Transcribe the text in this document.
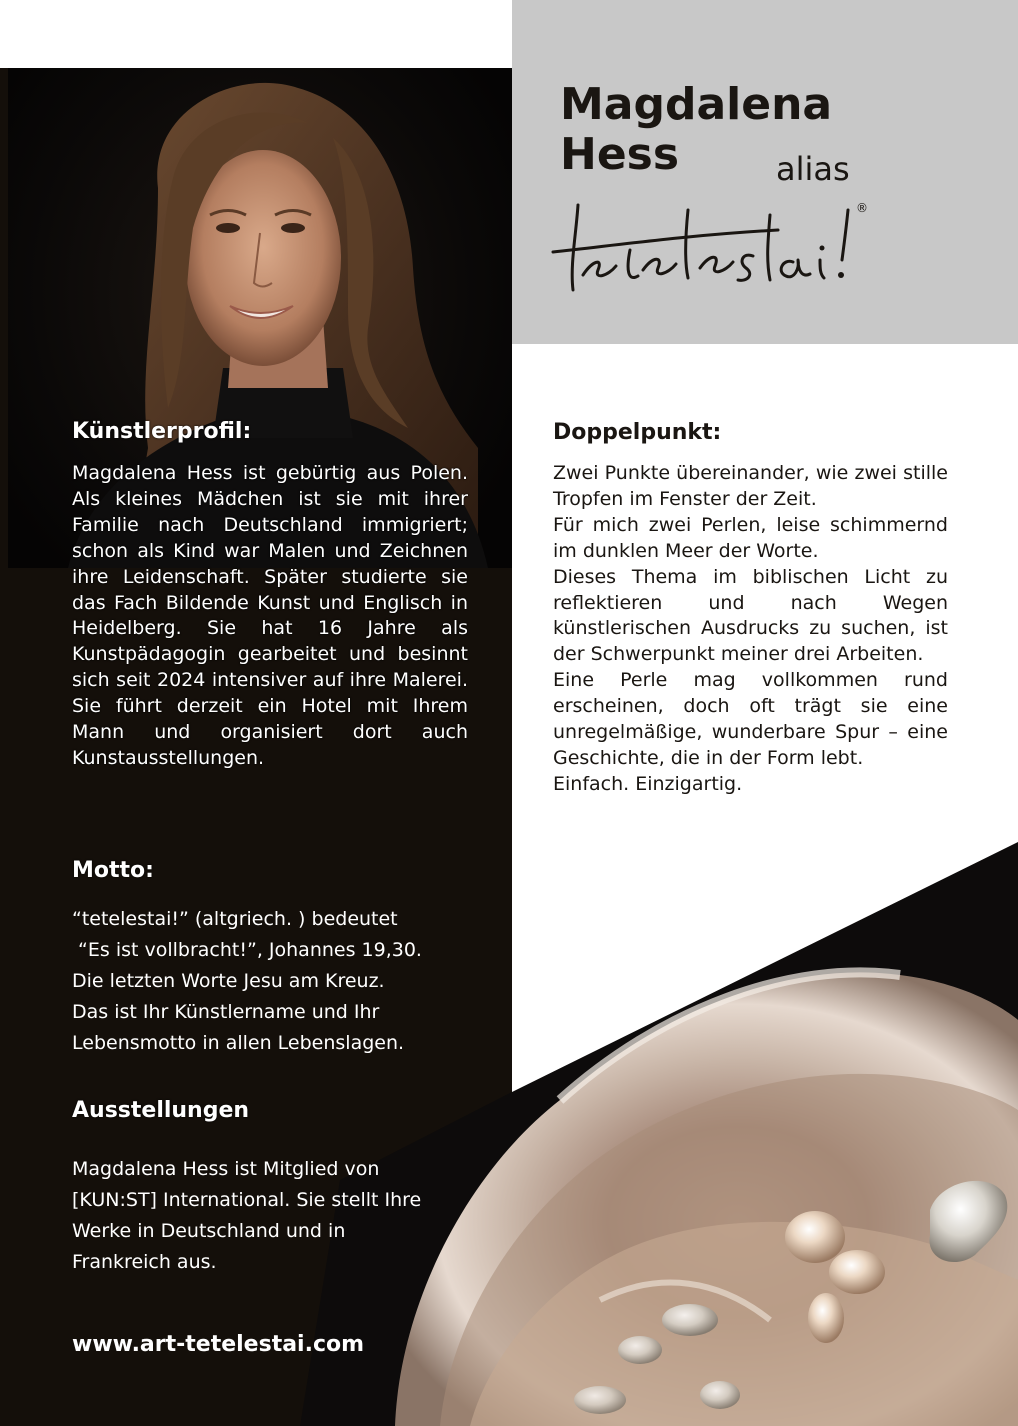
Magdalena
Hess	alias
®
Künstlerprofil:

Magdalena Hess ist gebürtig aus Polen. Als kleines Mädchen ist sie mit ihrer Familie nach Deutschland immigriert; schon als Kind war Malen und Zeichnen ihre Leidenschaft. Später studierte sie das Fach Bildende Kunst und Englisch in Heidelberg. Sie hat 16 Jahre als Kunstpädagogin gearbeitet und besinnt sich seit 2024 intensiver auf ihre Malerei. Sie führt derzeit ein Hotel mit Ihrem Mann und organisiert dort auch Kunstausstellungen.

Motto:
“tetelestai!” (altgriech. ) bedeutet
“Es ist vollbracht!”, Johannes 19,30.
Die letzten Worte Jesu am Kreuz.
Das ist Ihr Künstlername und Ihr
Lebensmotto in allen Lebenslagen.
Ausstellungen
Magdalena Hess ist Mitglied von
[KUN:ST] International. Sie stellt Ihre
Werke in Deutschland und in
Frankreich aus.
www.art-tetelestai.com
Doppelpunkt:

Zwei Punkte übereinander, wie zwei stille Tropfen im Fenster der Zeit.

Für mich zwei Perlen, leise schimmernd im dunklen Meer der Worte.

Dieses Thema im biblischen Licht zu reflektieren und nach Wegen künstlerischen Ausdrucks zu suchen, ist der Schwerpunkt meiner drei Arbeiten.

Eine Perle mag vollkommen rund erscheinen, doch oft trägt sie eine unregelmäßige, wunderbare Spur – eine Geschichte, die in der Form lebt.

Einfach. Einzigartig.
